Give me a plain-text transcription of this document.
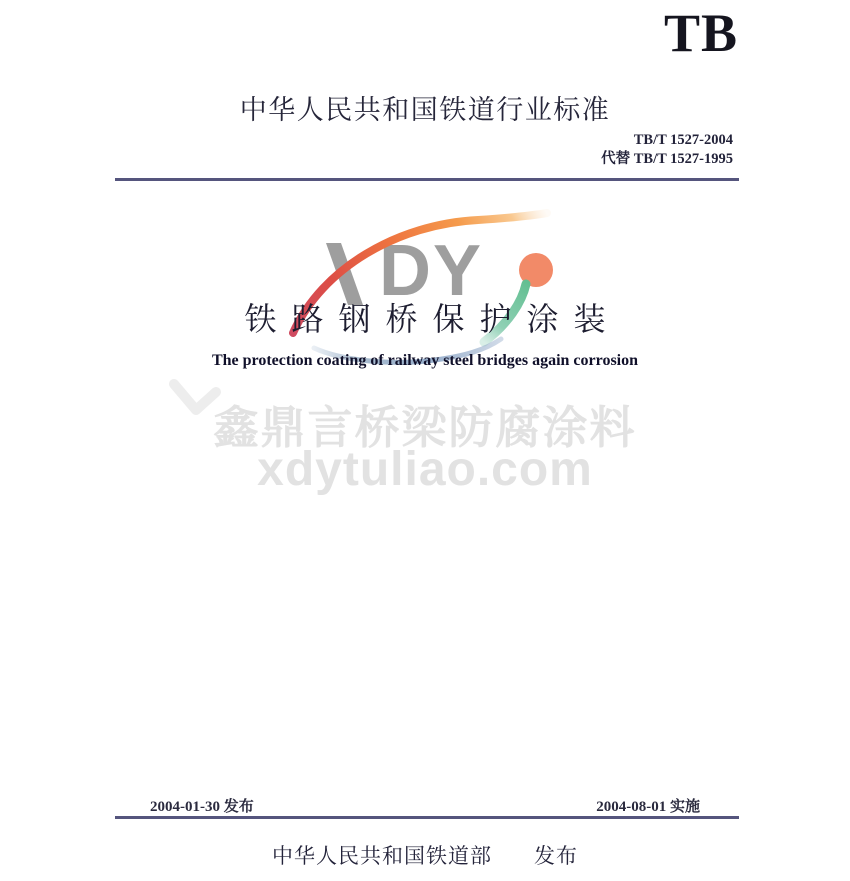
TB
中华人民共和国铁道行业标准
TB/T 1527-2004
代替 TB/T 1527-1995
DY
鑫鼎言桥梁防腐涂料
xdytuliao.com
铁路钢桥保护涂装
The protection coating of railway steel bridges again corrosion
2004-01-30 发布	2004-08-01 实施
中华人民共和国铁道部 发布
